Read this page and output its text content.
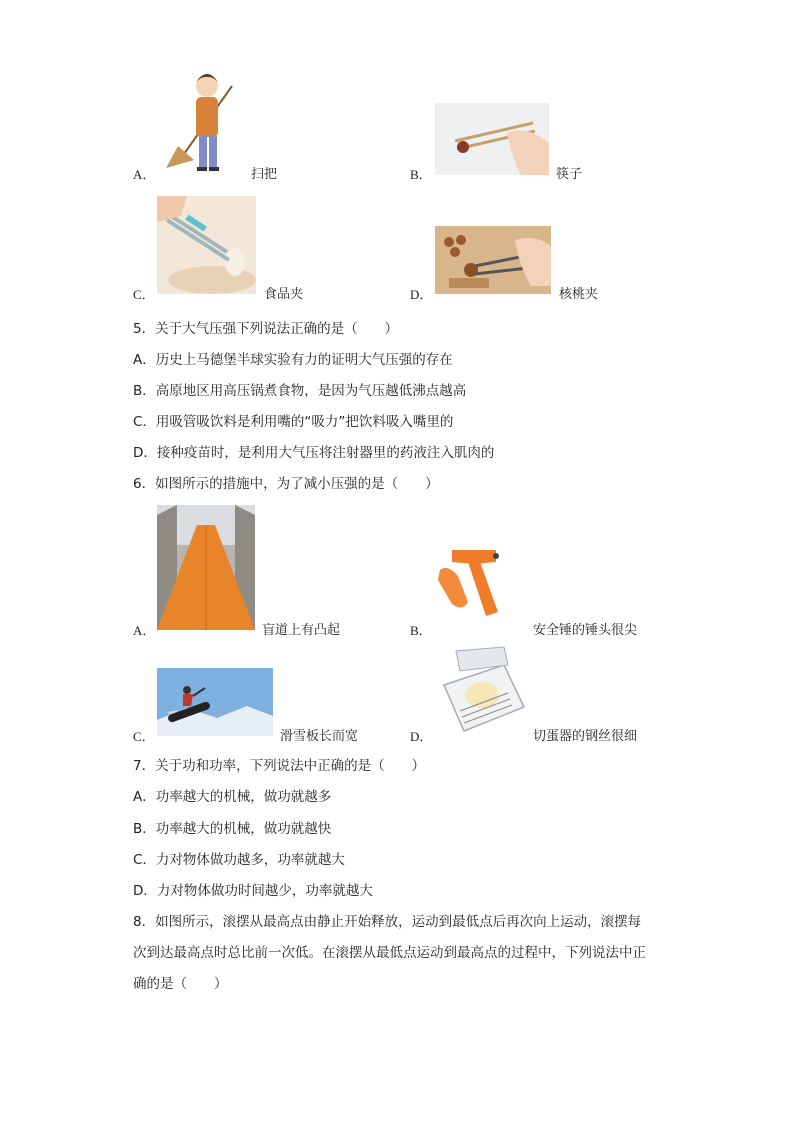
A．	扫把	B．	筷子
C．	食品夹	D．	核桃夹
5．关于大气压强下列说法正确的是（　　）
A．历史上马德堡半球实验有力的证明大气压强的存在
B．高原地区用高压锅煮食物，是因为气压越低沸点越高
C．用吸管吸饮料是利用嘴的“吸力”把饮料吸入嘴里的
D．接种疫苗时，是利用大气压将注射器里的药液注入肌肉的
6．如图所示的措施中，为了减小压强的是（　　）
A．	盲道上有凸起	B．	安全锤的锤头很尖
C．	滑雪板长而宽	D．	切蛋器的钢丝很细
7．关于功和功率，下列说法中正确的是（　　）
A．功率越大的机械，做功就越多
B．功率越大的机械，做功就越快
C．力对物体做功越多，功率就越大
D．力对物体做功时间越少，功率就越大
8．如图所示，滚摆从最高点由静止开始释放，运动到最低点后再次向上运动，滚摆每
次到达最高点时总比前一次低。在滚摆从最低点运动到最高点的过程中，下列说法中正
确的是（　　）
